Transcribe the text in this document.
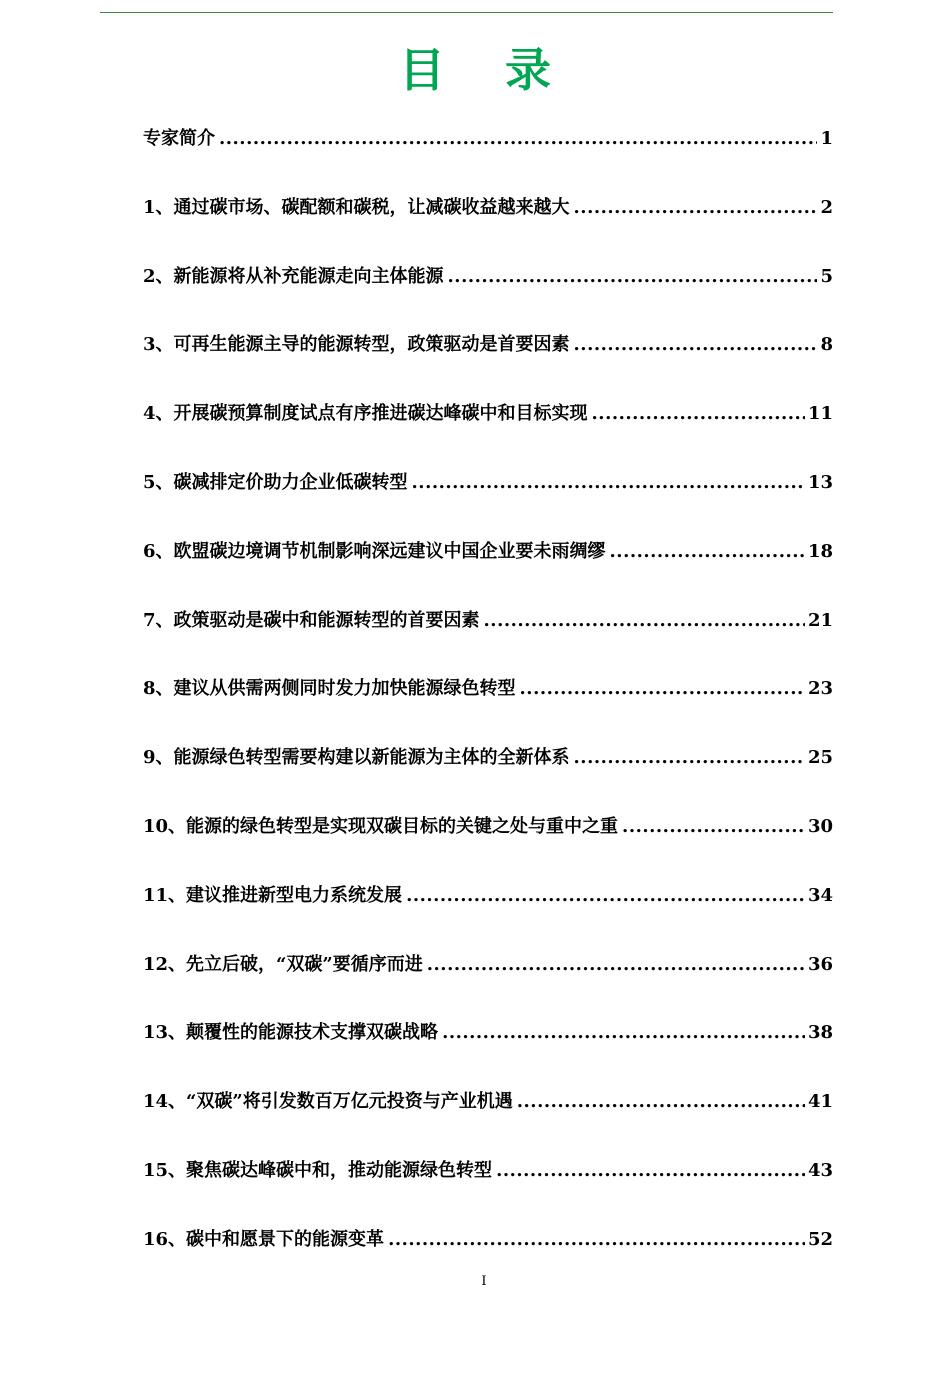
目 录
专家简介 .....	1
1、通过碳市场、碳配额和碳税，让减碳收益越来越大 .....	2
2、新能源将从补充能源走向主体能源 .....	5
3、可再生能源主导的能源转型，政策驱动是首要因素 .....	8
4、开展碳预算制度试点有序推进碳达峰碳中和目标实现 .....	11
5、碳减排定价助力企业低碳转型 .....	13
6、欧盟碳边境调节机制影响深远建议中国企业要未雨绸缪 .....	18
7、政策驱动是碳中和能源转型的首要因素 .....	21
8、建议从供需两侧同时发力加快能源绿色转型 .....	23
9、能源绿色转型需要构建以新能源为主体的全新体系 .....	25
10、能源的绿色转型是实现双碳目标的关键之处与重中之重 .....	30
11、建议推进新型电力系统发展 .....	34
12、先立后破，“双碳”要循序而进 .....	36
13、颠覆性的能源技术支撑双碳战略 .....	38
14、“双碳”将引发数百万亿元投资与产业机遇 .....	41
15、聚焦碳达峰碳中和，推动能源绿色转型 .....	43
16、碳中和愿景下的能源变革 .....	52
I
